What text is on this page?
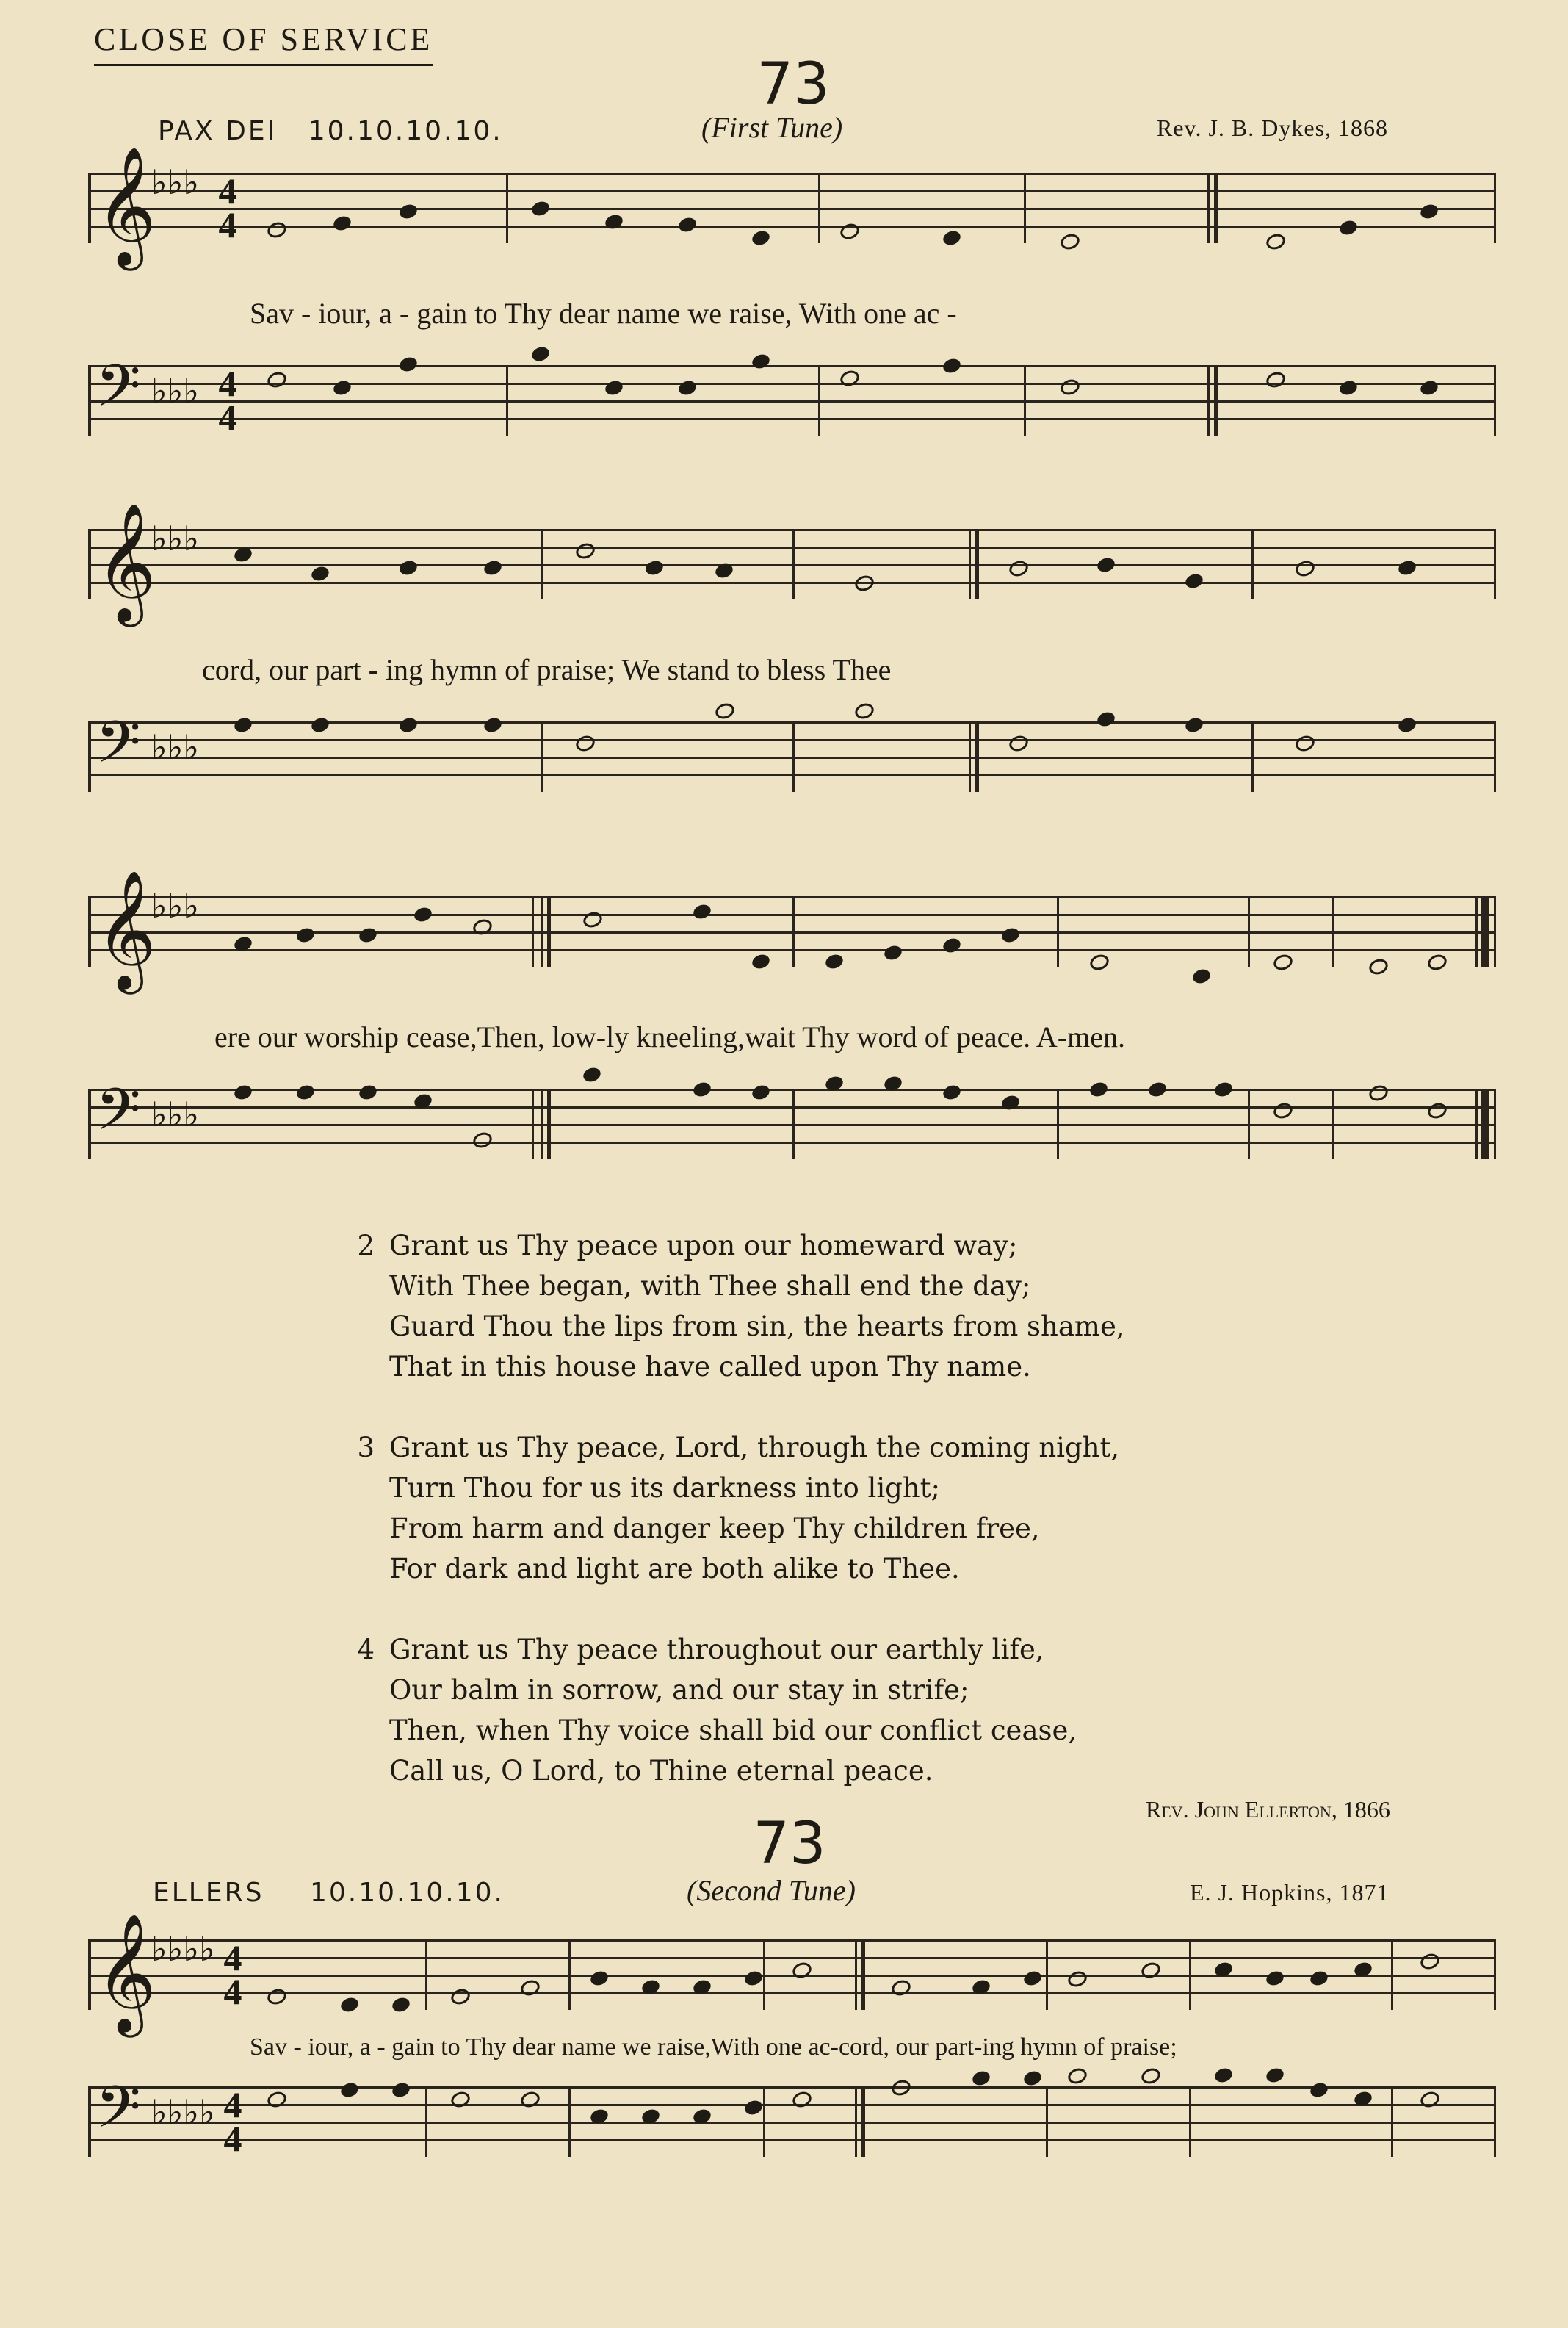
CLOSE OF SERVICE
73
PAX DEI 10.10.10.10.	(First Tune)	Rev. J. B. Dykes, 1868
𝄞
♭♭♭ 4
4
Sav - iour, a - gain to Thy dear name we raise, With one ac -
𝄢 ♭♭♭ 4
4
𝄞
♭♭♭
cord, our part - ing hymn of praise; We stand to bless Thee
𝄢 ♭♭♭
𝄞
♭♭♭
ere our worship cease,Then, low-ly kneeling,wait Thy word of peace. A-men.
𝄢 ♭♭♭
2 Grant us Thy peace upon our homeward way;
With Thee began, with Thee shall end the day;
Guard Thou the lips from sin, the hearts from shame,
That in this house have called upon Thy name.
3 Grant us Thy peace, Lord, through the coming night,
Turn Thou for us its darkness into light;
From harm and danger keep Thy children free,
For dark and light are both alike to Thee.
4 Grant us Thy peace throughout our earthly life,
Our balm in sorrow, and our stay in strife;
Then, when Thy voice shall bid our conflict cease,
Call us, O Lord, to Thine eternal peace.
Rev. John Ellerton, 1866
73
ELLERS 10.10.10.10.	(Second Tune)	E. J. Hopkins, 1871
𝄞
♭♭♭♭ 4
4
Sav - iour, a - gain to Thy dear name we raise,With one ac-cord, our part-ing hymn of praise;
𝄢 ♭♭♭♭ 4
4
